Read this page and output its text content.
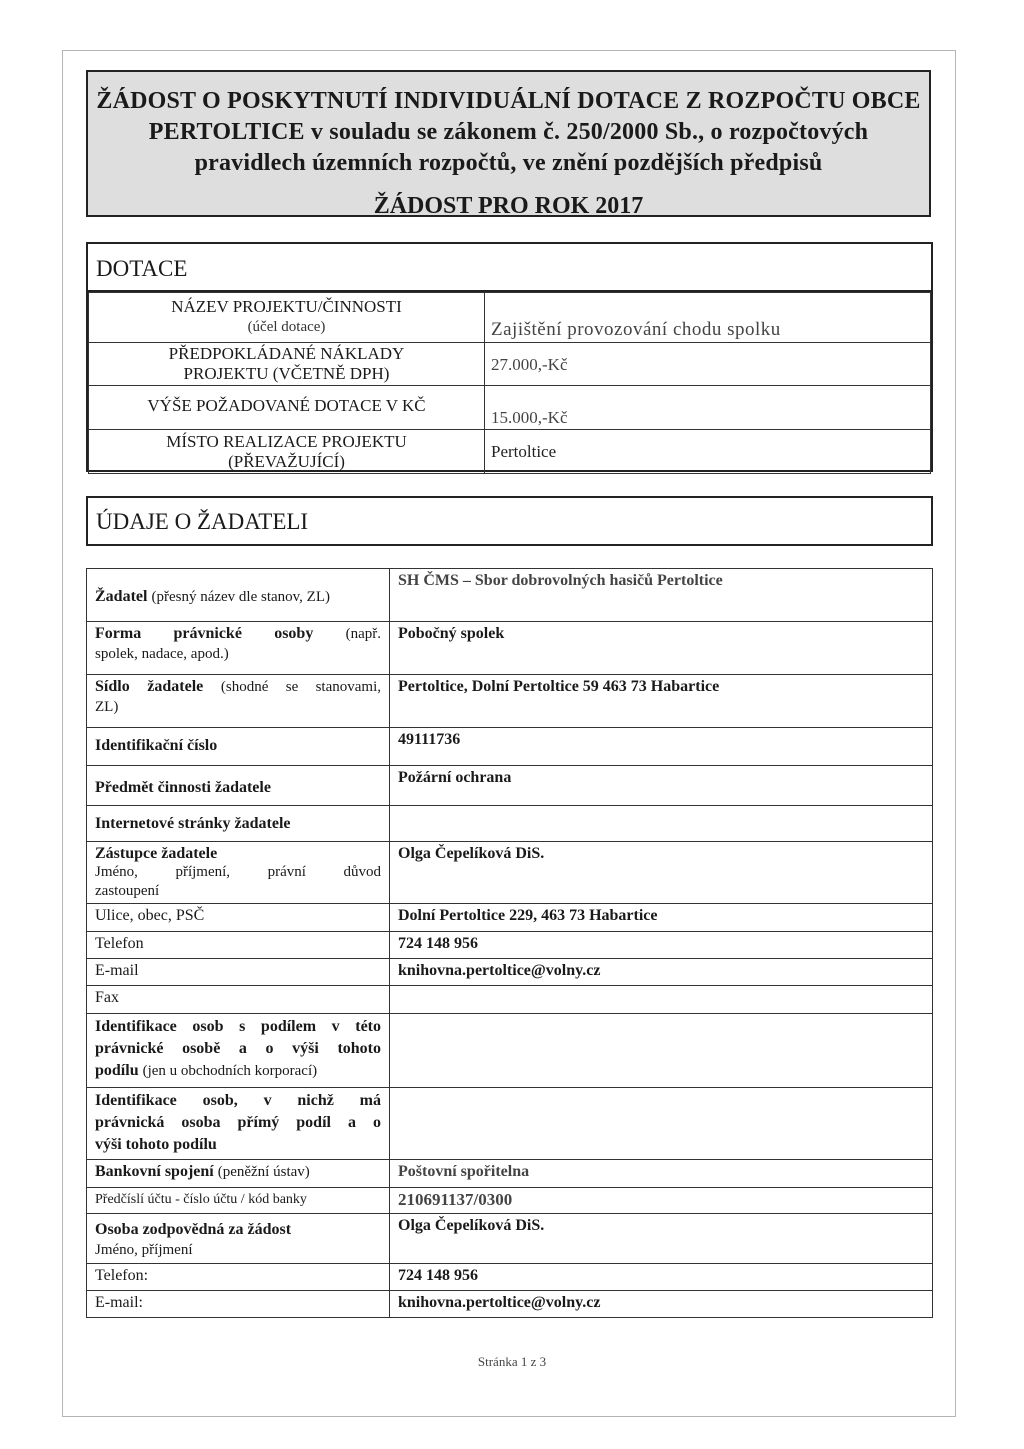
ŽÁDOST O POSKYTNUTÍ INDIVIDUÁLNÍ DOTACE Z ROZPOČTU OBCE
PERTOLTICE v souladu se zákonem č. 250/2000 Sb., o rozpočtových
pravidlech územních rozpočtů, ve znění pozdějších předpisů
ŽÁDOST PRO ROK 2017
DOTACE
NÁZEV PROJEKTU/ČINNOSTI
(účel dotace)	Zajištění provozování chodu spolku

PŘEDPOKLÁDANÉ NÁKLADY
PROJEKTU (VČETNĚ DPH)	27.000,-Kč
VÝŠE POŽADOVANÉ DOTACE V KČ	15.000,-Kč

MÍSTO REALIZACE PROJEKTU
(PŘEVAŽUJÍCÍ)	Pertoltice
ÚDAJE O ŽADATELI
Žadatel (přesný název dle stanov, ZL)	SH ČMS – Sbor dobrovolných hasičů Pertoltice

Forma právnické osoby (např.
spolek, nadace, apod.)	Pobočný spolek

Sídlo žadatele (shodné se stanovami,
ZL)	Pertoltice, Dolní Pertoltice 59 463 73 Habartice
Identifikační číslo	49111736
Předmět činnosti žadatele	Požární ochrana
Internetové stránky žadatele	

Zástupce žadatele
Jméno, příjmení, právní důvod
zastoupení	Olga Čepelíková DiS.
Ulice, obec, PSČ	Dolní Pertoltice 229, 463 73 Habartice
Telefon	724 148 956
E-mail	knihovna.pertoltice@volny.cz
Fax	

Identifikace osob s podílem v této
právnické osobě a o výši tohoto
podílu (jen u obchodních korporací)	

Identifikace osob, v nichž má
právnická osoba přímý podíl a o
výši tohoto podílu	

Bankovní spojení (peněžní ústav)	Poštovní spořitelna
Předčíslí účtu - číslo účtu / kód banky	210691137/0300

Osoba zodpovědná za žádost
Jméno, příjmení	Olga Čepelíková DiS.
Telefon:	724 148 956
E-mail:	knihovna.pertoltice@volny.cz
Stránka 1 z 3
